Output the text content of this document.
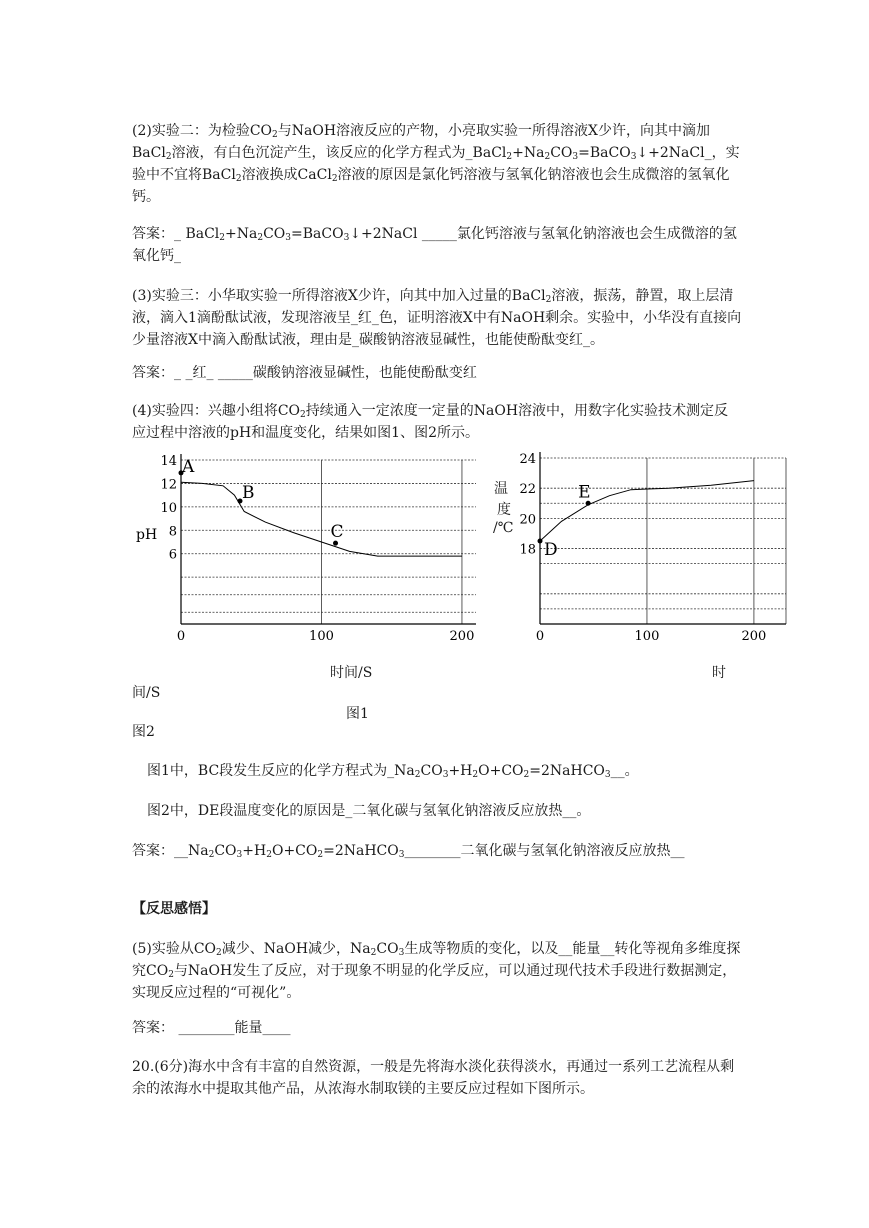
(2)实验二：为检验$CO_2$与NaOH溶液反应的产物，小亮取实验一所得溶液X少许，向其中滴加BaCl$_2$溶液，有白色沉淀产生，该反应的化学方程式为$\_BaCl_2+Na_2CO_3=BaCO_3↓+2NaCl\_$，实验中不宜将BaCl$_2$溶液换成CaCl$_2$溶液的原因是氯化钙溶液与氢氧化钠溶液也会生成微溶的氢氧化钙。

答案：_ $BaCl_2+Na_2CO_3=BaCO_3↓+2NaCl$ _____氯化钙溶液与氢氧化钠溶液也会生成微溶的氢氧化钙_

(3)实验三：小华取实验一所得溶液X少许，向其中加入过量的BaCl$_2$溶液，振荡，静置，取上层清液，滴入1滴酚酞试液，发现溶液呈_红_色，证明溶液X中有NaOH剩余。实验中，小华没有直接向少量溶液X中滴入酚酞试液，理由是_碳酸钠溶液显碱性，也能使酚酞变红_。

答案：_ _红_ _____碳酸钠溶液显碱性，也能使酚酞变红

(4)实验四：兴趣小组将$CO_2$持续通入一定浓度一定量的NaOH溶液中，用数字化实验技术测定反应过程中溶液的pH和温度变化，结果如图1、图2所示。

6
8
10
12
14
0	100	200
A
B
C
pH
18
20
22
24
0	100	200
D
E
温
度
/℃
时间/S	时
间/S
图1
图2

图1中，BC段发生反应的化学方程式为$\_Na_2CO_3+H_2O+CO_2=2NaHCO_3\_\_$。

图2中，DE段温度变化的原因是_二氧化碳与氢氧化钠溶液反应放热__。

答案：$\_\_Na_2CO_3+H_2O+CO_2=2NaHCO_3\_\_\_\_\_\_\_\_$二氧化碳与氢氧化钠溶液反应放热__

【反思感悟】

(5)实验从$CO_2$减少、NaOH减少，$Na_2CO_3$生成等物质的变化，以及__能量__转化等视角多维度探究$CO_2$与NaOH发生了反应，对于现象不明显的化学反应，可以通过现代技术手段进行数据测定，实现反应过程的“可视化”。

答案： ________能量____

20.(6分)海水中含有丰富的自然资源，一般是先将海水淡化获得淡水，再通过一系列工艺流程从剩余的浓海水中提取其他产品，从浓海水制取镁的主要反应过程如下图所示。
